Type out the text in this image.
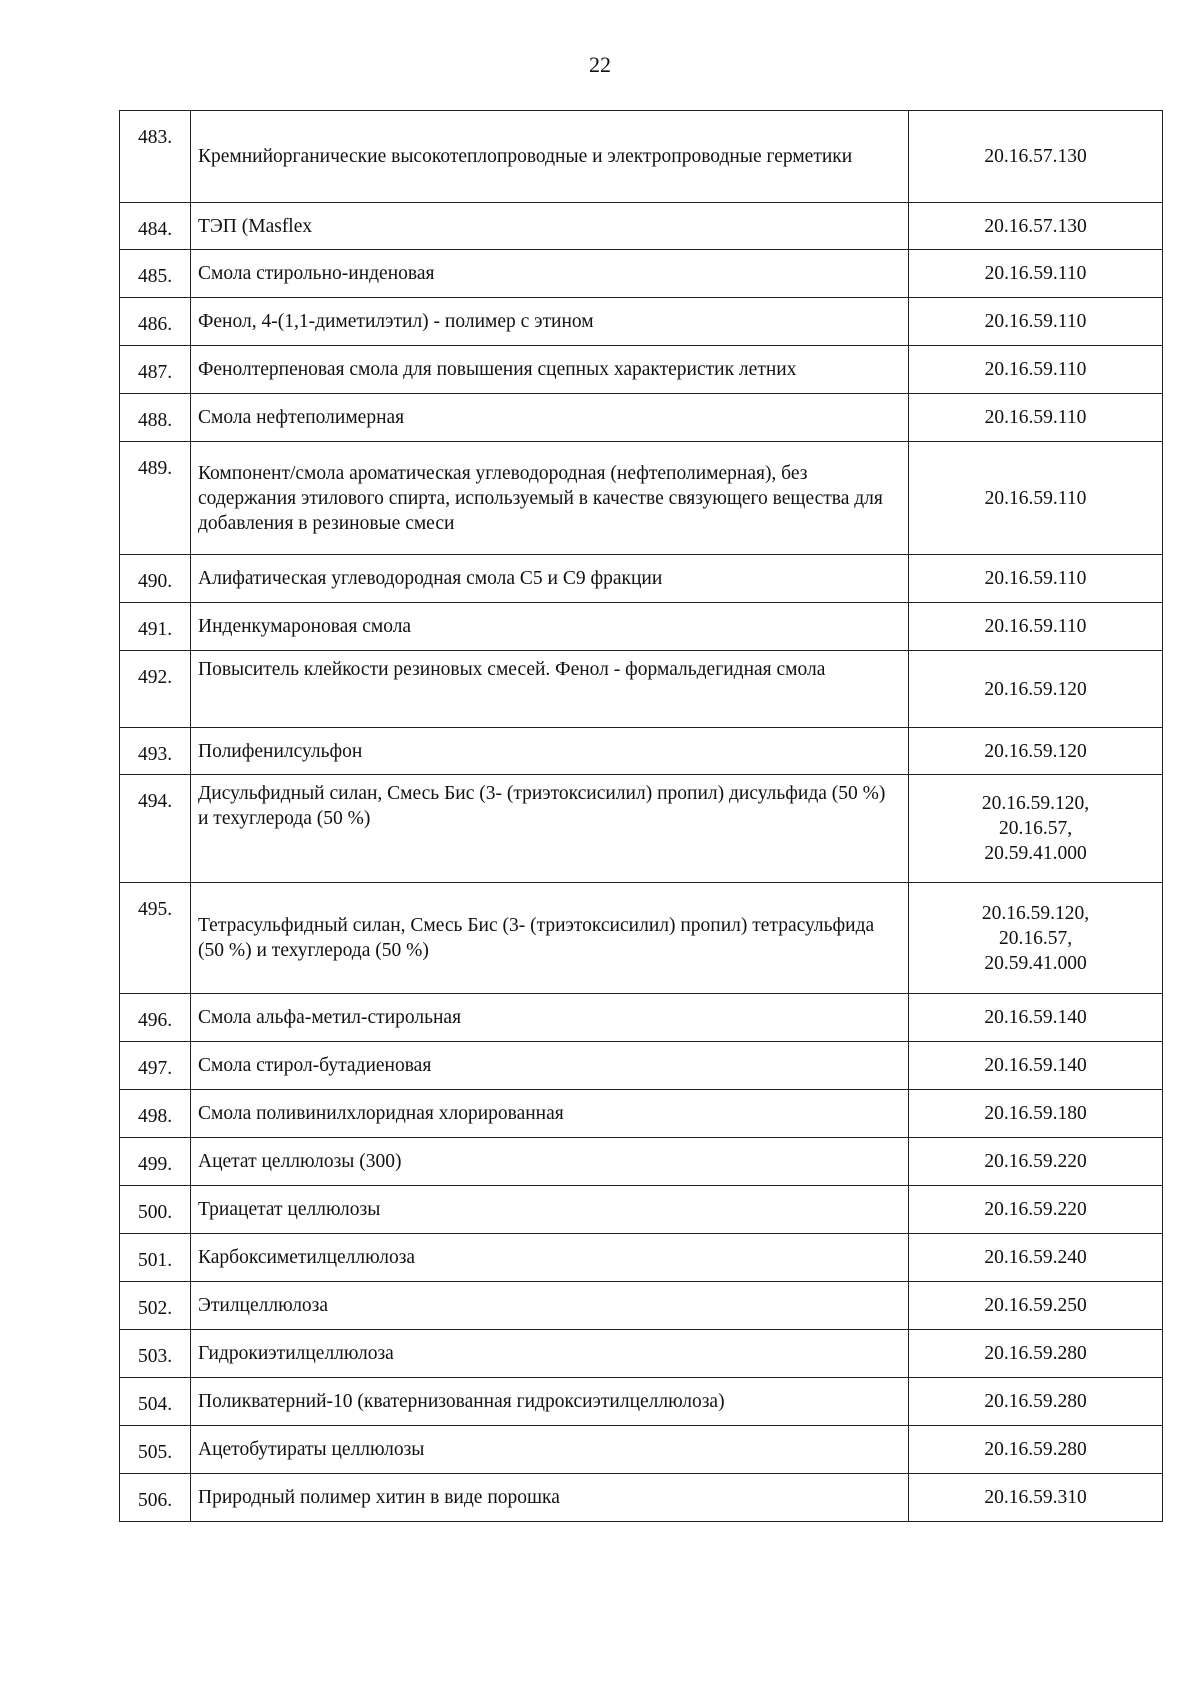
22
483.	Кремнийорганические высокотеплопроводные и электропроводные герметики	20.16.57.130

484.	ТЭП (Masflex	20.16.57.130

485.	Смола стирольно-инденовая	20.16.59.110

486.	Фенол, 4-(1,1-диметилэтил) - полимер с этином	20.16.59.110

487.	Фенолтерпеновая смола для повышения сцепных характеристик летних	20.16.59.110

488.	Смола нефтеполимерная	20.16.59.110

489.	Компонент/смола ароматическая углеводородная (нефтеполимерная), без содержания этилового спирта, используемый в качестве связующего вещества для добавления в резиновые смеси	20.16.59.110

490.	Алифатическая углеводородная смола С5 и С9 фракции	20.16.59.110

491.	Инденкумароновая смола	20.16.59.110

492.	Повыситель клейкости резиновых смесей. Фенол - формальдегидная смола	20.16.59.120

493.	Полифенилсульфон	20.16.59.120

494.	Дисульфидный силан, Смесь Бис (3- (триэтоксисилил) пропил) дисульфида (50 %) и техуглерода (50 %)	20.16.59.120,
20.16.57,
20.59.41.000

495.	Тетрасульфидный силан, Смесь Бис (3- (триэтоксисилил) пропил) тетрасульфида (50 %) и техуглерода (50 %)	20.16.59.120,
20.16.57,
20.59.41.000

496.	Смола альфа-метил-стирольная	20.16.59.140

497.	Смола стирол-бутадиеновая	20.16.59.140

498.	Смола поливинилхлоридная хлорированная	20.16.59.180

499.	Ацетат целлюлозы (300)	20.16.59.220

500.	Триацетат целлюлозы	20.16.59.220

501.	Карбоксиметилцеллюлоза	20.16.59.240

502.	Этилцеллюлоза	20.16.59.250

503.	Гидрокиэтилцеллюлоза	20.16.59.280

504.	Поликватерний-10 (кватернизованная гидроксиэтилцеллюлоза)	20.16.59.280

505.	Ацетобутираты целлюлозы	20.16.59.280

506.	Природный полимер хитин в виде порошка	20.16.59.310
